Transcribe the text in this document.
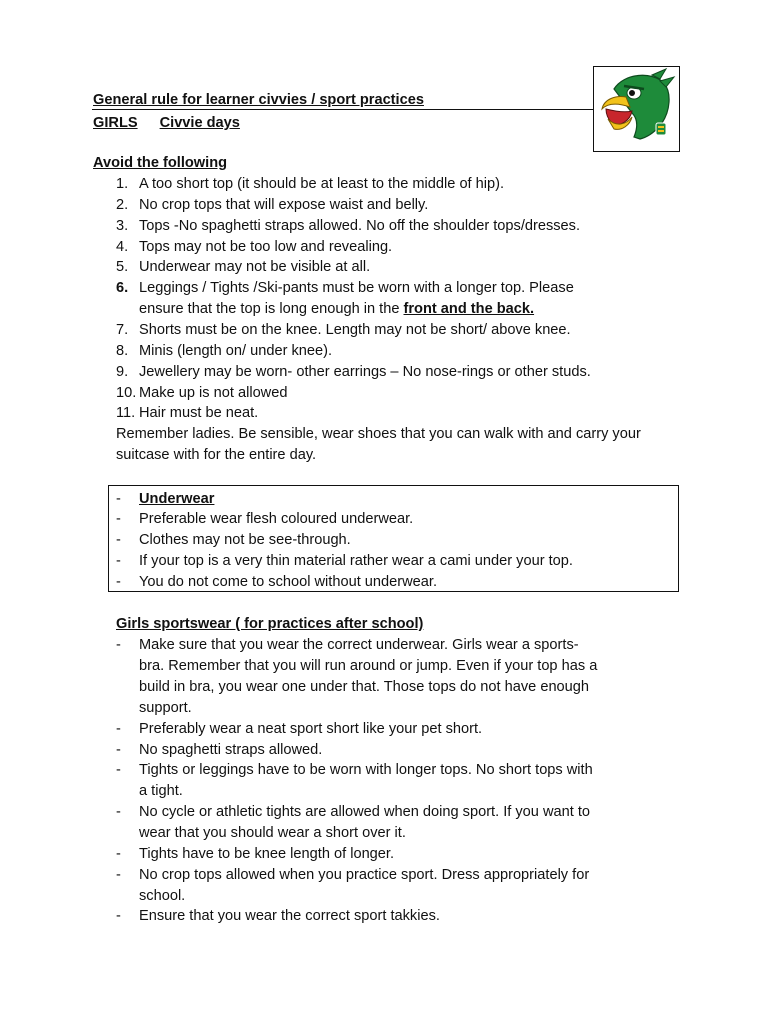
General rule for learner civvies / sport practices
GIRLS Civvie days
Avoid the following
1. A too short top (it should be at least to the middle of hip).
2. No crop tops that will expose waist and belly.
3. Tops -No spaghetti straps allowed. No off the shoulder tops/dresses.
4. Tops may not be too low and revealing.
5. Underwear may not be visible at all.
6. Leggings / Tights /Ski-pants must be worn with a longer top. Please
ensure that the top is long enough in the front and the back.
7. Shorts must be on the knee. Length may not be short/ above knee.
8. Minis (length on/ under knee).
9. Jewellery may be worn- other earrings – No nose-rings or other studs.
10. Make up is not allowed
11. Hair must be neat.
Remember ladies. Be sensible, wear shoes that you can walk with and carry your suitcase with for the entire day.
- Underwear
- Preferable wear flesh coloured underwear.
- Clothes may not be see-through.
- If your top is a very thin material rather wear a cami under your top.
- You do not come to school without underwear.
Girls sportswear ( for practices after school)
- Make sure that you wear the correct underwear. Girls wear a sports-
bra. Remember that you will run around or jump. Even if your top has a
build in bra, you wear one under that. Those tops do not have enough
support.
- Preferably wear a neat sport short like your pet short.
- No spaghetti straps allowed.
- Tights or leggings have to be worn with longer tops. No short tops with
a tight.
- No cycle or athletic tights are allowed when doing sport. If you want to
wear that you should wear a short over it.
- Tights have to be knee length of longer.
- No crop tops allowed when you practice sport. Dress appropriately for
school.
- Ensure that you wear the correct sport takkies.
